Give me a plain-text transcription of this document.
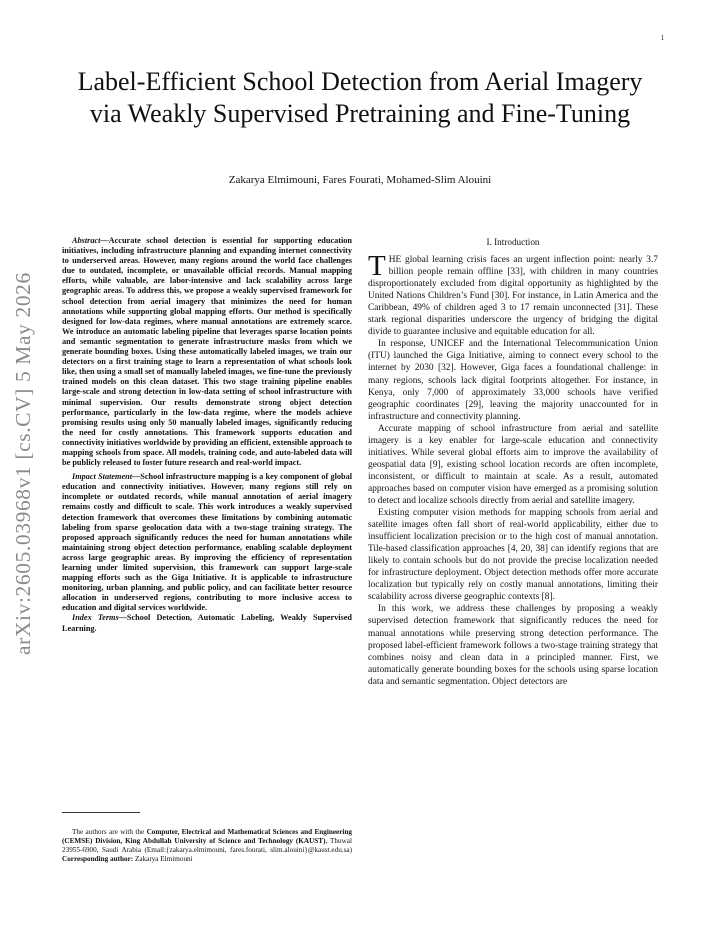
1
arXiv:2605.03968v1 [cs.CV] 5 May 2026
Label-Efficient School Detection from Aerial Imagery via Weakly Supervised Pretraining and Fine-Tuning
Zakarya Elmimouni, Fares Fourati, Mohamed-Slim Alouini

Abstract—Accurate school detection is essential for supporting education initiatives, including infrastructure planning and expanding internet connectivity to underserved areas. However, many regions around the world face challenges due to outdated, incomplete, or unavailable official records. Manual mapping efforts, while valuable, are labor-intensive and lack scalability across large geographic areas. To address this, we propose a weakly supervised framework for school detection from aerial imagery that minimizes the need for human annotations while supporting global mapping efforts. Our method is specifically designed for low-data regimes, where manual annotations are extremely scarce. We introduce an automatic labeling pipeline that leverages sparse location points and semantic segmentation to generate infrastructure masks from which we generate bounding boxes. Using these automatically labeled images, we train our detectors on a first training stage to learn a representation of what schools look like, then using a small set of manually labeled images, we fine-tune the previously trained models on this clean dataset. This two stage training pipeline enables large-scale and strong detection in low-data setting of school infrastructure with minimal supervision. Our results demonstrate strong object detection performance, particularly in the low-data regime, where the models achieve promising results using only 50 manually labeled images, significantly reducing the need for costly annotations. This framework supports education and connectivity initiatives worldwide by providing an efficient, extensible approach to mapping schools from space. All models, training code, and auto-labeled data will be publicly released to foster future research and real-world impact.

Impact Statement—School infrastructure mapping is a key component of global education and connectivity initiatives. However, many regions still rely on incomplete or outdated records, while manual annotation of aerial imagery remains costly and difficult to scale. This work introduces a weakly supervised detection framework that overcomes these limitations by combining automatic labeling from sparse geolocation data with a two-stage training strategy. The proposed approach significantly reduces the need for human annotations while maintaining strong object detection performance, enabling scalable deployment across large geographic areas. By improving the efficiency of representation learning under limited supervision, this framework can support large-scale mapping efforts such as the Giga Initiative. It is applicable to infrastructure monitoring, urban planning, and public policy, and can facilitate better resource allocation in underserved regions, contributing to more inclusive access to education and digital services worldwide.

Index Terms—School Detection, Automatic Labeling, Weakly Supervised Learning.

The authors are with the Computer, Electrical and Mathematical Sciences and Engineering (CEMSE) Division, King Abdullah University of Science and Technology (KAUST), Thuwal 23955-6900, Saudi Arabia (Email:{zakarya.elmimouni, fares.fourati, slim.alouini}@kaust.edu.sa) Corresponding author: Zakarya Elmimouni
I. Introduction

THE global learning crisis faces an urgent inflection point: nearly 3.7 billion people remain offline [33], with children in many countries disproportionately excluded from digital opportunity as highlighted by the United Nations Children’s Fund [30]. For instance, in Latin America and the Caribbean, 49% of children aged 3 to 17 remain unconnected [31]. These stark regional disparities underscore the urgency of bridging the digital divide to guarantee inclusive and equitable education for all.

In response, UNICEF and the International Telecommunication Union (ITU) launched the Giga Initiative, aiming to connect every school to the internet by 2030 [32]. However, Giga faces a foundational challenge: in many regions, schools lack digital footprints altogether. For instance, in Kenya, only 7,000 of approximately 33,000 schools have verified geographic coordinates [29], leaving the majority unaccounted for in infrastructure and connectivity planning.

Accurate mapping of school infrastructure from aerial and satellite imagery is a key enabler for large-scale education and connectivity initiatives. While several global efforts aim to improve the availability of geospatial data [9], existing school location records are often incomplete, inconsistent, or difficult to maintain at scale. As a result, automated approaches based on computer vision have emerged as a promising solution to detect and localize schools directly from aerial and satellite imagery.

Existing computer vision methods for mapping schools from aerial and satellite images often fall short of real-world applicability, either due to insufficient localization precision or to the high cost of manual annotation. Tile-based classification approaches [4, 20, 38] can identify regions that are likely to contain schools but do not provide the precise localization needed for infrastructure deployment. Object detection methods offer more accurate localization but typically rely on costly manual annotations, limiting their scalability across diverse geographic contexts [8].

In this work, we address these challenges by proposing a weakly supervised detection framework that significantly reduces the need for manual annotations while preserving strong detection performance. The proposed label-efficient framework follows a two-stage training strategy that combines noisy and clean data in a principled manner. First, we automatically generate bounding boxes for the schools using sparse location data and semantic segmentation. Object detectors are
